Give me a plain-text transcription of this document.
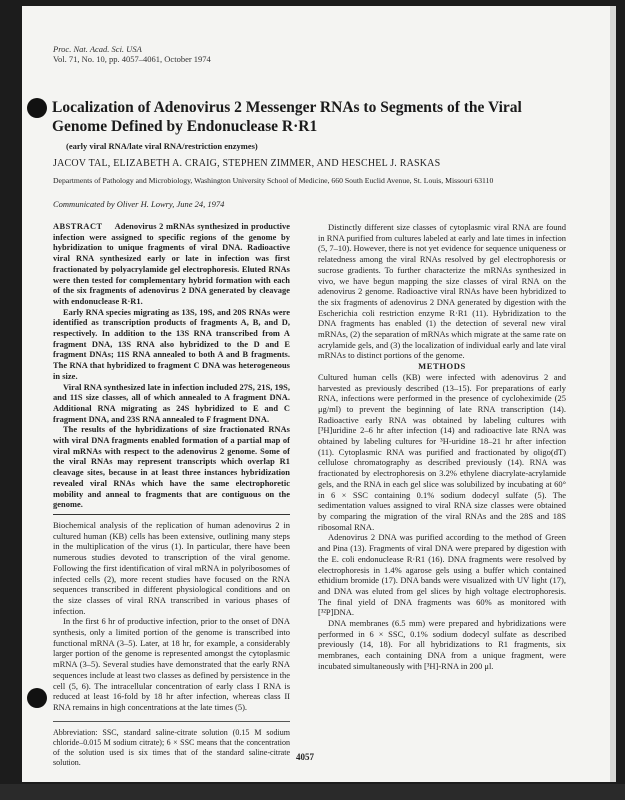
Proc. Nat. Acad. Sci. USA
Vol. 71, No. 10, pp. 4057–4061, October 1974
Localization of Adenovirus 2 Messenger RNAs to Segments of the Viral Genome Defined by Endonuclease R·R1
(early viral RNA/late viral RNA/restriction enzymes)
JACOV TAL, ELIZABETH A. CRAIG, STEPHEN ZIMMER, AND HESCHEL J. RASKAS
Departments of Pathology and Microbiology, Washington University School of Medicine, 660 South Euclid Avenue, St. Louis, Missouri 63110
Communicated by Oliver H. Lowry, June 24, 1974

ABSTRACT Adenovirus 2 mRNAs synthesized in productive infection were assigned to specific regions of the genome by hybridization to unique fragments of viral DNA. Radioactive viral RNA synthesized early or late in infection was first fractionated by polyacrylamide gel electrophoresis. Eluted RNAs were then tested for complementary hybrid formation with each of the six fragments of adenovirus 2 DNA generated by cleavage with endonuclease R·R1.

Early RNA species migrating as 13S, 19S, and 20S RNAs were identified as transcription products of fragments A, B, and D, respectively. In addition to the 13S RNA transcribed from A fragment DNA, 13S RNA also hybridized to the D and E fragment DNAs; 11S RNA annealed to both A and B fragments. The RNA that hybridized to fragment C DNA was heterogeneous in size.

Viral RNA synthesized late in infection included 27S, 21S, 19S, and 11S size classes, all of which annealed to A fragment DNA. Additional RNA migrating as 24S hybridized to E and C fragment DNA, and 23S RNA annealed to F fragment DNA.

The results of the hybridizations of size fractionated RNAs with viral DNA fragments enabled formation of a partial map of viral mRNAs with respect to the adenovirus 2 genome. Some of the viral RNAs may represent transcripts which overlap R1 cleavage sites, because in at least three instances hybridization revealed viral RNAs which have the same electrophoretic mobility and anneal to fragments that are contiguous on the genome.

Biochemical analysis of the replication of human adenovirus 2 in cultured human (KB) cells has been extensive, outlining many steps in the multiplication of the virus (1). In particular, there have been numerous studies devoted to transcription of the viral genome. Following the first identification of viral mRNA in polyribosomes of infected cells (2), more recent studies have focused on the RNA sequences transcribed in different physiological conditions and on the size classes of viral RNA transcribed in various phases of infection.

In the first 6 hr of productive infection, prior to the onset of DNA synthesis, only a limited portion of the genome is transcribed into functional mRNA (3–5). Later, at 18 hr, for example, a considerably larger portion of the genome is represented amongst the cytoplasmic mRNA (3–5). Several studies have demonstrated that the early RNA sequences include at least two classes as defined by persistence in the cell (5, 6). The intracellular concentration of early class I RNA is reduced at least 16-fold by 18 hr after infection, whereas class II RNA remains in high concentrations at the late times (5).

Abbreviation: SSC, standard saline-citrate solution (0.15 M sodium chloride–0.015 M sodium citrate); 6 × SSC means that the concentration of the solution used is six times that of the standard saline-citrate solution.

Distinctly different size classes of cytoplasmic viral RNA are found in RNA purified from cultures labeled at early and late times in infection (5, 7–10). However, there is not yet evidence for sequence uniqueness or relatedness among the viral RNAs resolved by gel electrophoresis or sucrose gradients. To further characterize the mRNAs synthesized in vivo, we have begun mapping the size classes of viral RNA on the adenovirus 2 genome. Radioactive viral RNAs have been hybridized to the six fragments of adenovirus 2 DNA generated by digestion with the Escherichia coli restriction enzyme R·R1 (11). Hybridization to the DNA fragments has enabled (1) the detection of several new viral mRNAs, (2) the separation of mRNAs which migrate at the same rate on acrylamide gels, and (3) the localization of individual early and late viral mRNAs to distinct portions of the genome.

METHODS

Cultured human cells (KB) were infected with adenovirus 2 and harvested as previously described (13–15). For preparations of early RNA, infections were performed in the presence of cycloheximide (25 μg/ml) to prevent the beginning of late RNA transcription (14). Radioactive early RNA was obtained by labeling cultures with [³H]uridine 2–6 hr after infection (14) and radioactive late RNA was obtained by labeling cultures for ³H-uridine 18–21 hr after infection (11). Cytoplasmic RNA was purified and fractionated by oligo(dT) cellulose chromatography as described previously (14). RNA was fractionated by electrophoresis on 3.2% ethylene diacrylate-acrylamide gels, and the RNA in each gel slice was solubilized by incubating at 60° in 6 × SSC containing 0.1% sodium dodecyl sulfate (5). The sedimentation values assigned to viral RNA size classes were obtained by comparing the migration of the viral RNAs and the 28S and 18S ribosomal RNA.

Adenovirus 2 DNA was purified according to the method of Green and Pina (13). Fragments of viral DNA were prepared by digestion with the E. coli endonuclease R·R1 (16). DNA fragments were resolved by electrophoresis in 1.4% agarose gels using a buffer which contained ethidium bromide (17). DNA bands were visualized with UV light (17), and DNA was eluted from gel slices by high voltage electrophoresis. The final yield of DNA fragments was 60% as monitored with [³²P]DNA.

DNA membranes (6.5 mm) were prepared and hybridizations were performed in 6 × SSC, 0.1% sodium dodecyl sulfate as described previously (14, 18). For all hybridizations to R1 fragments, six membranes, each containing DNA from a unique fragment, were incubated simultaneously with [³H]-RNA in 200 μl.

4057
